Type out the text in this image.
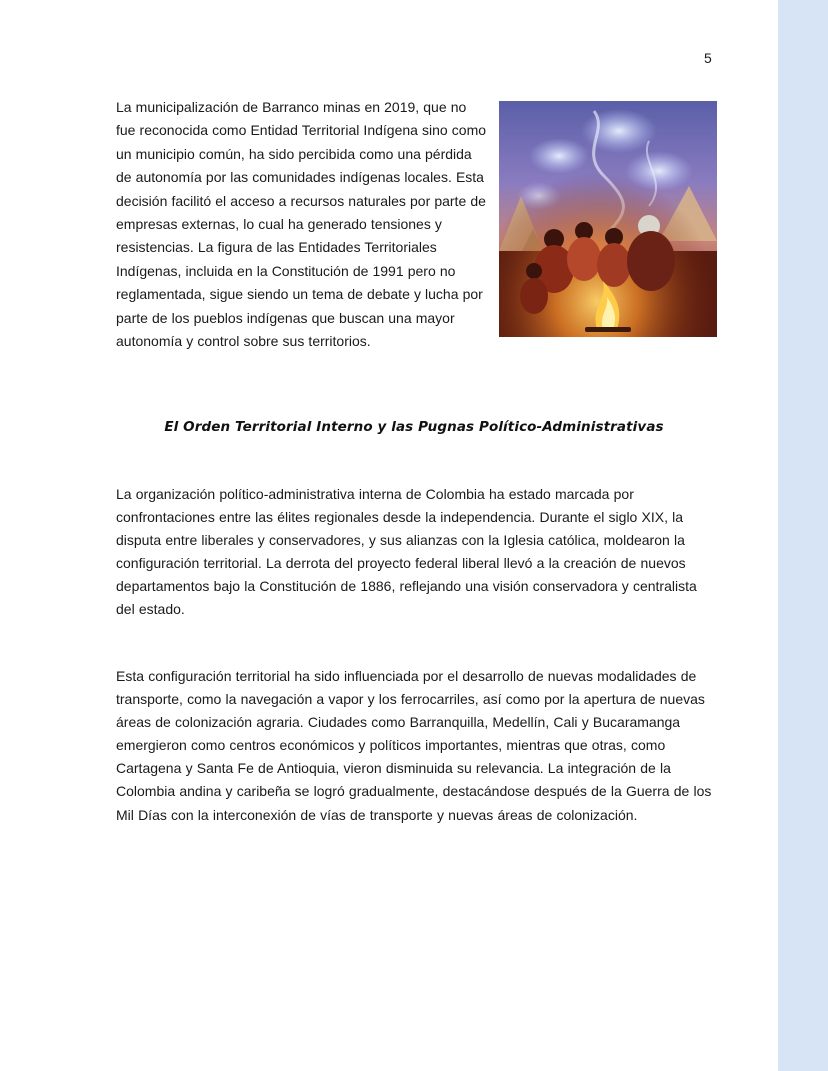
5

La municipalización de Barranco minas en 2019, que no fue reconocida como Entidad Territorial Indígena sino como un municipio común, ha sido percibida como una pérdida de autonomía por las comunidades indígenas locales. Esta decisión facilitó el acceso a recursos naturales por parte de empresas externas, lo cual ha generado tensiones y resistencias. La figura de las Entidades Territoriales Indígenas, incluida en la Constitución de 1991 pero no reglamentada, sigue siendo un tema de debate y lucha por parte de los pueblos indígenas que buscan una mayor autonomía y control sobre sus territorios.

El Orden Territorial Interno y las Pugnas Político-Administrativas

La organización político-administrativa interna de Colombia ha estado marcada por confrontaciones entre las élites regionales desde la independencia. Durante el siglo XIX, la disputa entre liberales y conservadores, y sus alianzas con la Iglesia católica, moldearon la configuración territorial. La derrota del proyecto federal liberal llevó a la creación de nuevos departamentos bajo la Constitución de 1886, reflejando una visión conservadora y centralista del estado.

Esta configuración territorial ha sido influenciada por el desarrollo de nuevas modalidades de transporte, como la navegación a vapor y los ferrocarriles, así como por la apertura de nuevas áreas de colonización agraria. Ciudades como Barranquilla, Medellín, Cali y Bucaramanga emergieron como centros económicos y políticos importantes, mientras que otras, como Cartagena y Santa Fe de Antioquia, vieron disminuida su relevancia. La integración de la Colombia andina y caribeña se logró gradualmente, destacándose después de la Guerra de los Mil Días con la interconexión de vías de transporte y nuevas áreas de colonización.
